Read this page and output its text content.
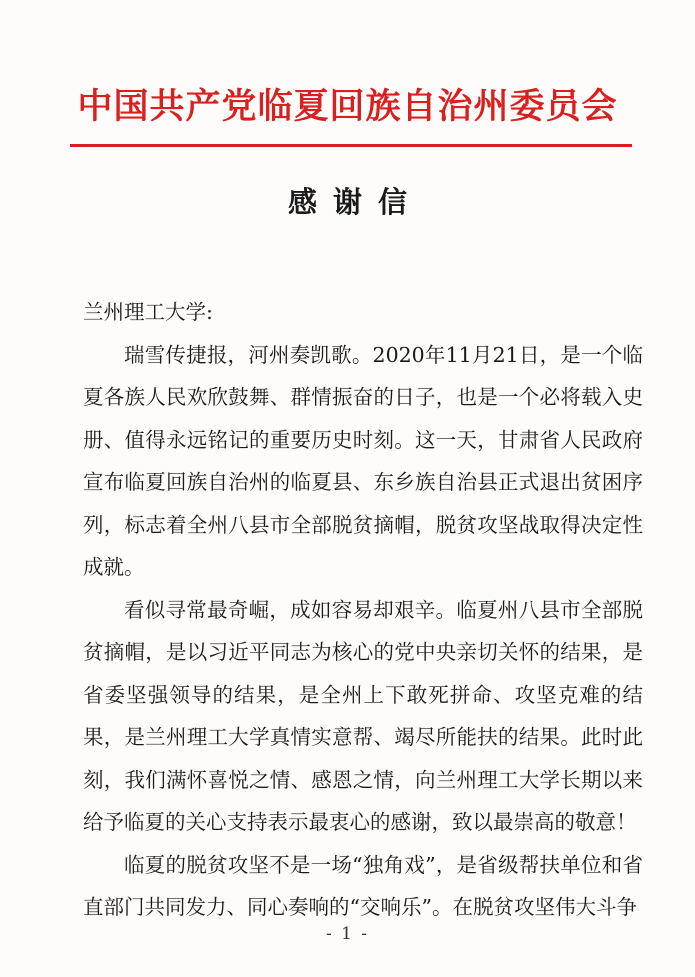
中国共产党临夏回族自治州委员会
感谢信

兰州理工大学:

瑞雪传捷报，河州奏凯歌。2020年11月21日，是一个临夏各族人民欢欣鼓舞、群情振奋的日子，也是一个必将载入史册、值得永远铭记的重要历史时刻。这一天，甘肃省人民政府宣布临夏回族自治州的临夏县、东乡族自治县正式退出贫困序列，标志着全州八县市全部脱贫摘帽，脱贫攻坚战取得决定性成就。

看似寻常最奇崛，成如容易却艰辛。临夏州八县市全部脱贫摘帽，是以习近平同志为核心的党中央亲切关怀的结果，是省委坚强领导的结果，是全州上下敢死拼命、攻坚克难的结果，是兰州理工大学真情实意帮、竭尽所能扶的结果。此时此刻，我们满怀喜悦之情、感恩之情，向兰州理工大学长期以来给予临夏的关心支持表示最衷心的感谢，致以最崇高的敬意！

临夏的脱贫攻坚不是一场“独角戏”，是省级帮扶单位和省直部门共同发力、同心奏响的“交响乐”。在脱贫攻坚伟大斗争

- 1 -
